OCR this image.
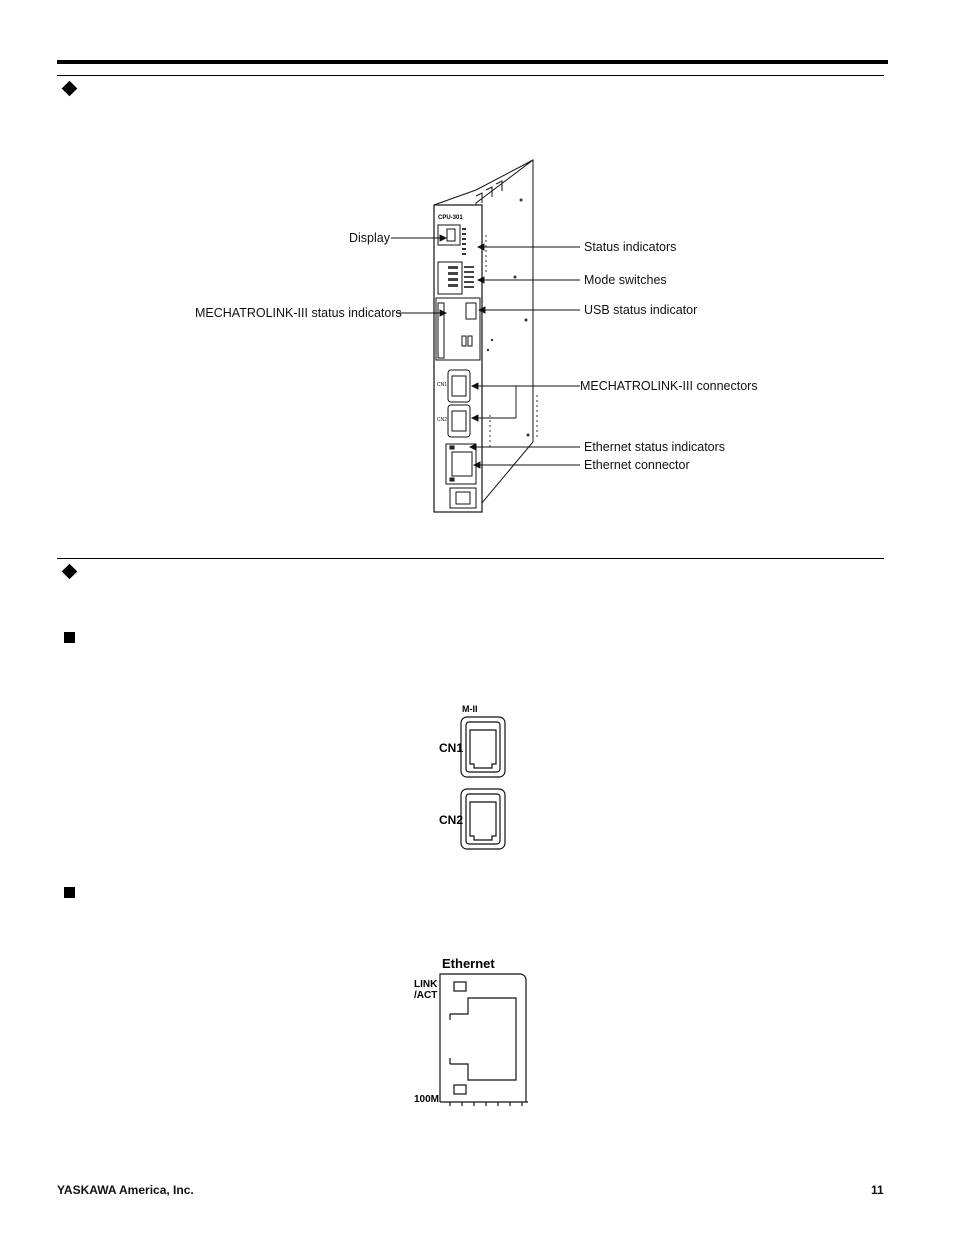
CPU-301
CN1
CN2
Display
MECHATROLINK-III status indicators
Status indicators
Mode switches
USB status indicator
MECHATROLINK-III connectors
Ethernet status indicators
Ethernet connector
M-II
CN1
CN2
Ethernet
LINK
/ACT
100M
YASKAWA America, Inc.	11
